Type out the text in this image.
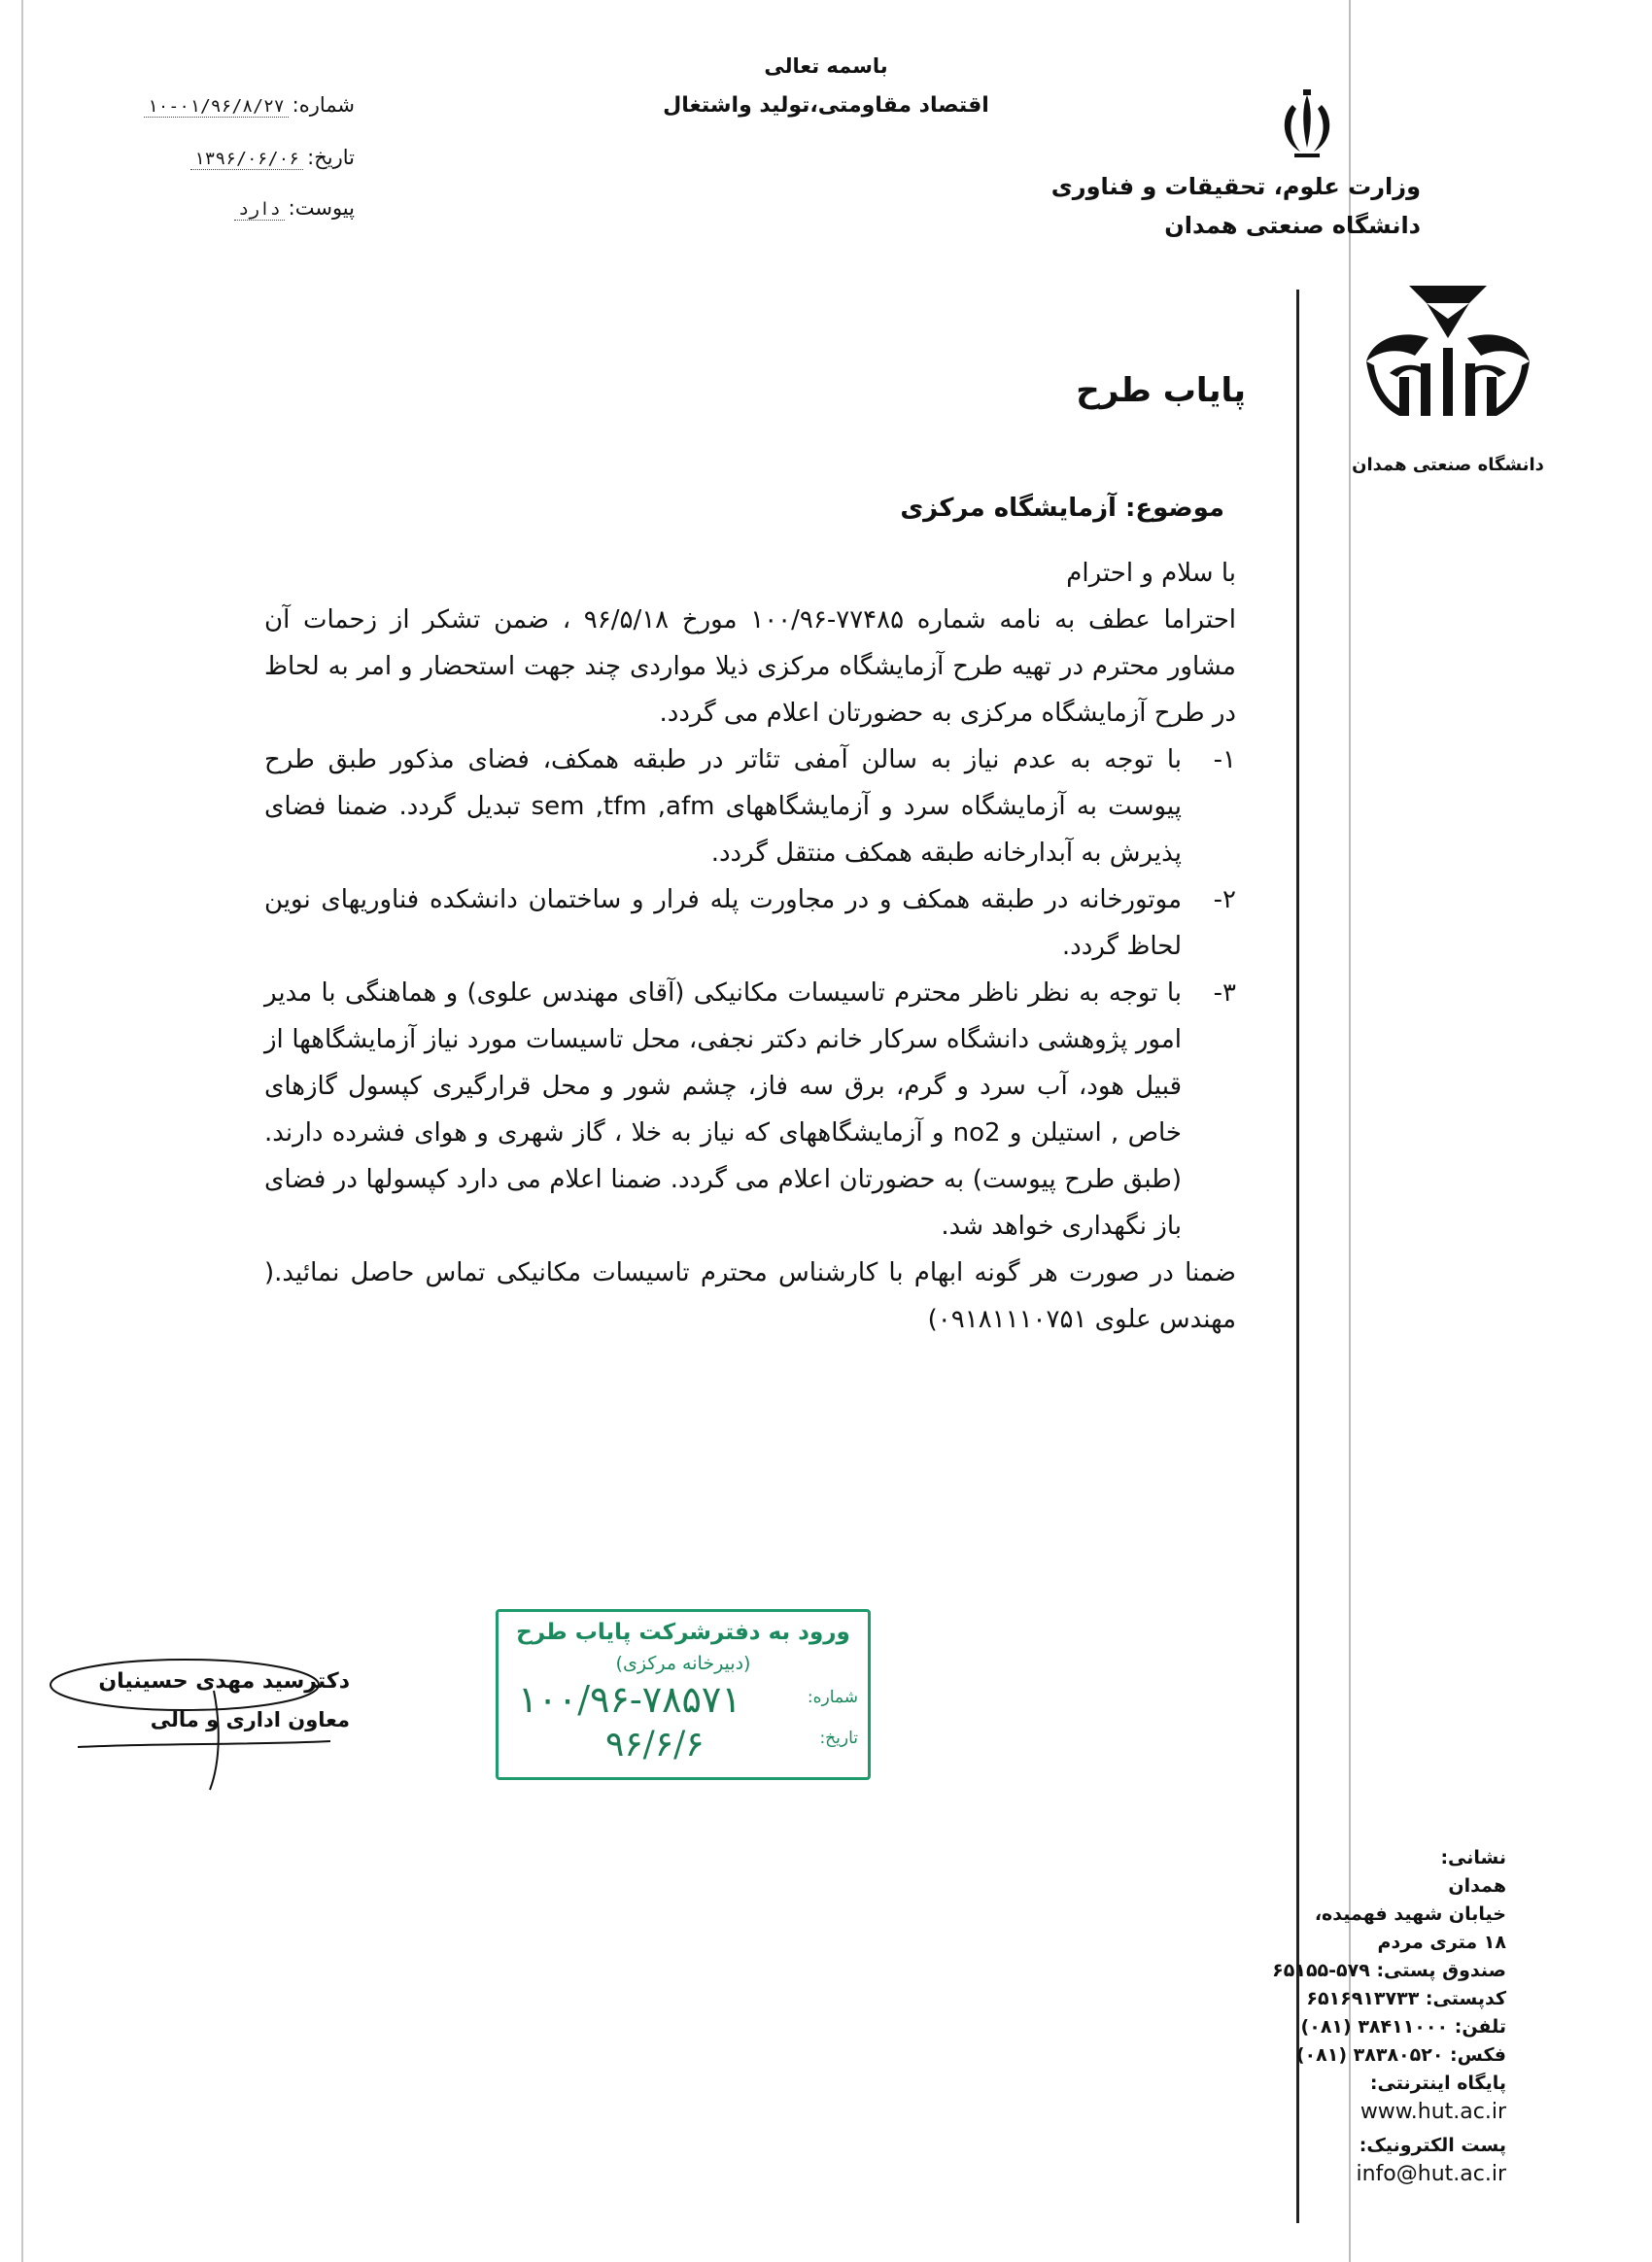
باسمه تعالی
اقتصاد مقاومتی،تولید واشتغال
شماره:۰۱/۹۶/۸/۲۷-۱۰
تاریخ:۱۳۹۶/۰۶/۰۶
پیوست:دارد
وزارت علوم، تحقیقات و فناوری
دانشگاه صنعتی همدان
دانشگاه صنعتی همدان
پایاب طرح
موضوع: آزمایشگاه مرکزی
با سلام و احترام
احتراما عطف به نامه شماره ۷۷۴۸۵-۱۰۰/۹۶ مورخ ۹۶/۵/۱۸ ، ضمن تشکر از زحمات آن مشاور محترم در تهیه طرح آزمایشگاه مرکزی ذیلا مواردی چند جهت استحضار و امر به لحاظ در طرح آزمایشگاه مرکزی به حضورتان اعلام می گردد.
۱-
با توجه به عدم نیاز به سالن آمفی تئاتر در طبقه همکف، فضای مذکور طبق طرح پیوست به آزمایشگاه سرد و آزمایشگاههای sem ,tfm ,afm تبدیل گردد. ضمنا فضای پذیرش به آبدارخانه طبقه همکف منتقل گردد.
۲-
موتورخانه در طبقه همکف و در مجاورت پله فرار و ساختمان دانشکده فناوریهای نوین لحاظ گردد.
۳-
با توجه به نظر ناظر محترم تاسیسات مکانیکی (آقای مهندس علوی) و هماهنگی با مدیر امور پژوهشی دانشگاه سرکار خانم دکتر نجفی، محل تاسیسات مورد نیاز آزمایشگاهها از قبیل هود، آب سرد و گرم، برق سه فاز، چشم شور و محل قرارگیری کپسول گازهای خاص , استیلن و no2 و آزمایشگاههای که نیاز به خلا ، گاز شهری و هوای فشرده دارند. (طبق طرح پیوست) به حضورتان اعلام می گردد. ضمنا اعلام می دارد کپسولها در فضای باز نگهداری خواهد شد.
ضمنا در صورت هر گونه ابهام با کارشناس محترم تاسیسات مکانیکی تماس حاصل نمائید.( مهندس علوی ۰۹۱۸۱۱۱۰۷۵۱)
ورود به دفترشرکت پایاب طرح
(دبیرخانه مرکزی)
شماره:
تاریخ:
۱۰۰/۹۶-۷۸۵۷۱
۹۶/۶/۶
دکترسید مهدی حسینیان
معاون اداری و مالی
نشانی:
همدان
خیابان شهید فهمیده،
۱۸ متری مردم
صندوق پستی: ۵۷۹-۶۵۱۵۵
کدپستی: ۶۵۱۶۹۱۳۷۳۳
تلفن: ۳۸۴۱۱۰۰۰ (۰۸۱)
فکس: ۳۸۳۸۰۵۲۰ (۰۸۱)
پایگاه اینترنتی:
www.hut.ac.ir
پست الکترونیک:
info@hut.ac.ir
